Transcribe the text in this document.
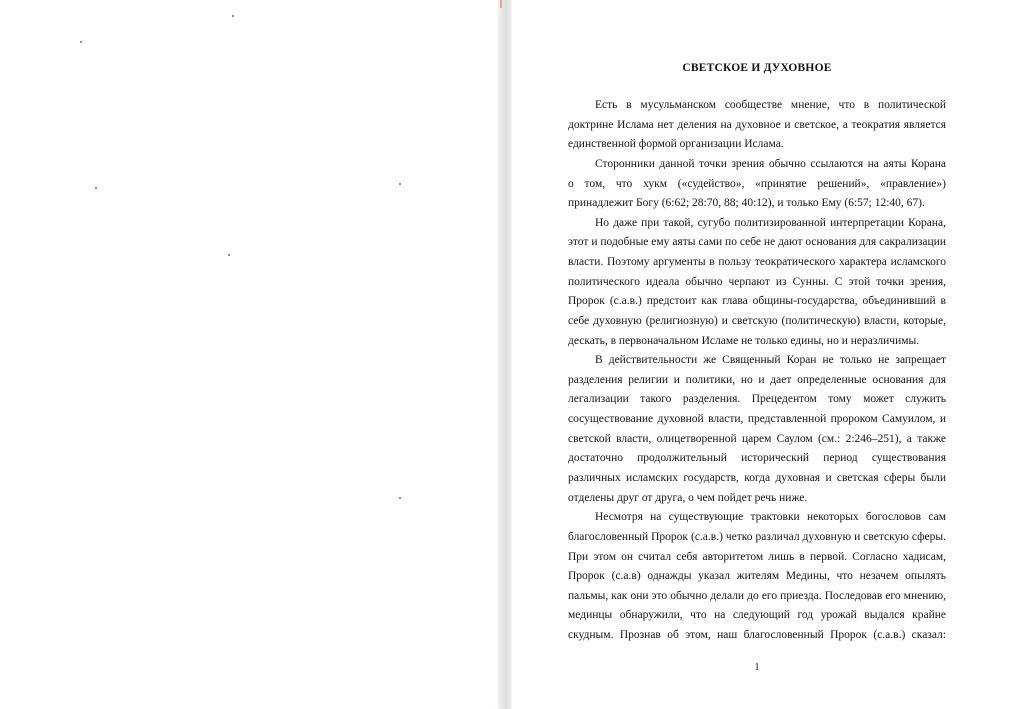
СВЕТСКОЕ И ДУХОВНОЕ
Есть в мусульманском сообществе мнение, что в политической
доктрине Ислама нет деления на духовное и светское, а теократия является
единственной формой организации Ислама.
Сторонники данной точки зрения обычно ссылаются на аяты Корана
о том, что хукм («судейство», «принятие решений», «правление»)
принадлежит Богу (6:62; 28:70, 88; 40:12), и только Ему (6:57; 12:40, 67).
Но даже при такой, сугубо политизированной интерпретации Корана,
этот и подобные ему аяты сами по себе не дают основания для сакрализации
власти. Поэтому аргументы в пользу теократического характера исламского
политического идеала обычно черпают из Сунны. С этой точки зрения,
Пророк (с.а.в.) предстоит как глава общины-государства, объединивший в
себе духовную (религиозную) и светскую (политическую) власти, которые,
дескать, в первоначальном Исламе не только едины, но и неразличимы.
В действительности же Священный Коран не только не запрещает
разделения религии и политики, но и дает определенные основания для
легализации такого разделения. Прецедентом тому может служить
сосуществование духовной власти, представленной пророком Самуилом, и
светской власти, олицетворенной царем Саулом (см.: 2:246–251), а также
достаточно продолжительный исторический период существования
различных исламских государств, когда духовная и светская сферы были
отделены друг от друга, о чем пойдет речь ниже.
Несмотря на существующие трактовки некоторых богословов сам
благословенный Пророк (с.а.в.) четко различал духовную и светскую сферы.
При этом он считал себя авторитетом лишь в первой. Согласно хадисам,
Пророк (с.а.в) однажды указал жителям Медины, что незачем опылять
пальмы, как они это обычно делали до его приезда. Последовав его мнению,
мединцы обнаружили, что на следующий год урожай выдался крайне
скудным. Прознав об этом, наш благословенный Пророк (с.а.в.) сказал:
1
